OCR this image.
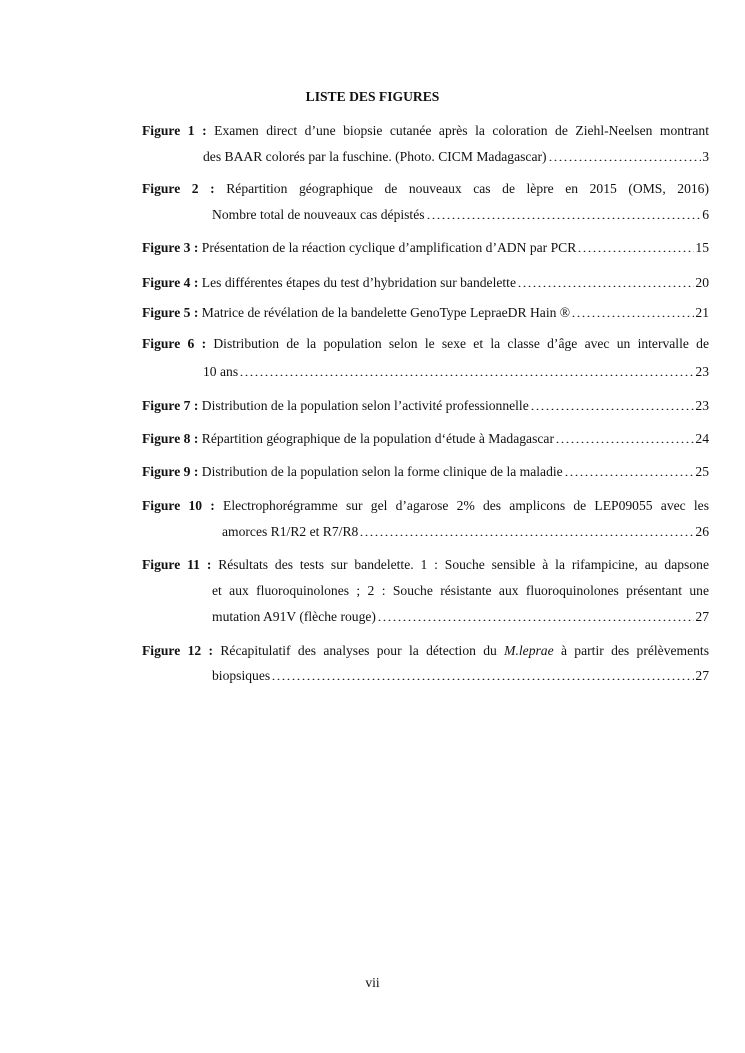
LISTE DES FIGURES
Figure 1 : Examen direct d’une biopsie cutanée après la coloration de Ziehl-Neelsen montrant
des BAAR colorés par la fuschine. (Photo. CICM Madagascar)	3
Figure 2 : Répartition géographique de nouveaux cas de lèpre en 2015 (OMS, 2016)
Nombre total de nouveaux cas dépistés	6
Figure 3 :
Présentation de la réaction cyclique d’amplification d’ADN par PCR	15
Figure 4 :
Les différentes étapes du test d’hybridation sur bandelette	20
Figure 5 :
Matrice de révélation de la bandelette GenoType LepraeDR Hain ®	21
Figure 6 : Distribution de la population selon le sexe et la classe d’âge avec un intervalle de
10 ans	23
Figure 7 :
Distribution de la population selon l’activité professionnelle	23
Figure 8 :
Répartition géographique de la population d‘étude à Madagascar	24
Figure 9 :
Distribution de la population selon la forme clinique de la maladie	25
Figure 10 : Electrophorégramme sur gel d’agarose 2% des amplicons de LEP09055 avec les
amorces R1/R2 et R7/R8	26
Figure 11 : Résultats des tests sur bandelette. 1 : Souche sensible à la rifampicine, au dapsone
et aux fluoroquinolones ; 2 : Souche résistante aux fluoroquinolones présentant une
mutation A91V (flèche rouge)	27
Figure 12 : Récapitulatif des analyses pour la détection du M.leprae à partir des prélèvements
biopsiques	27
vii
